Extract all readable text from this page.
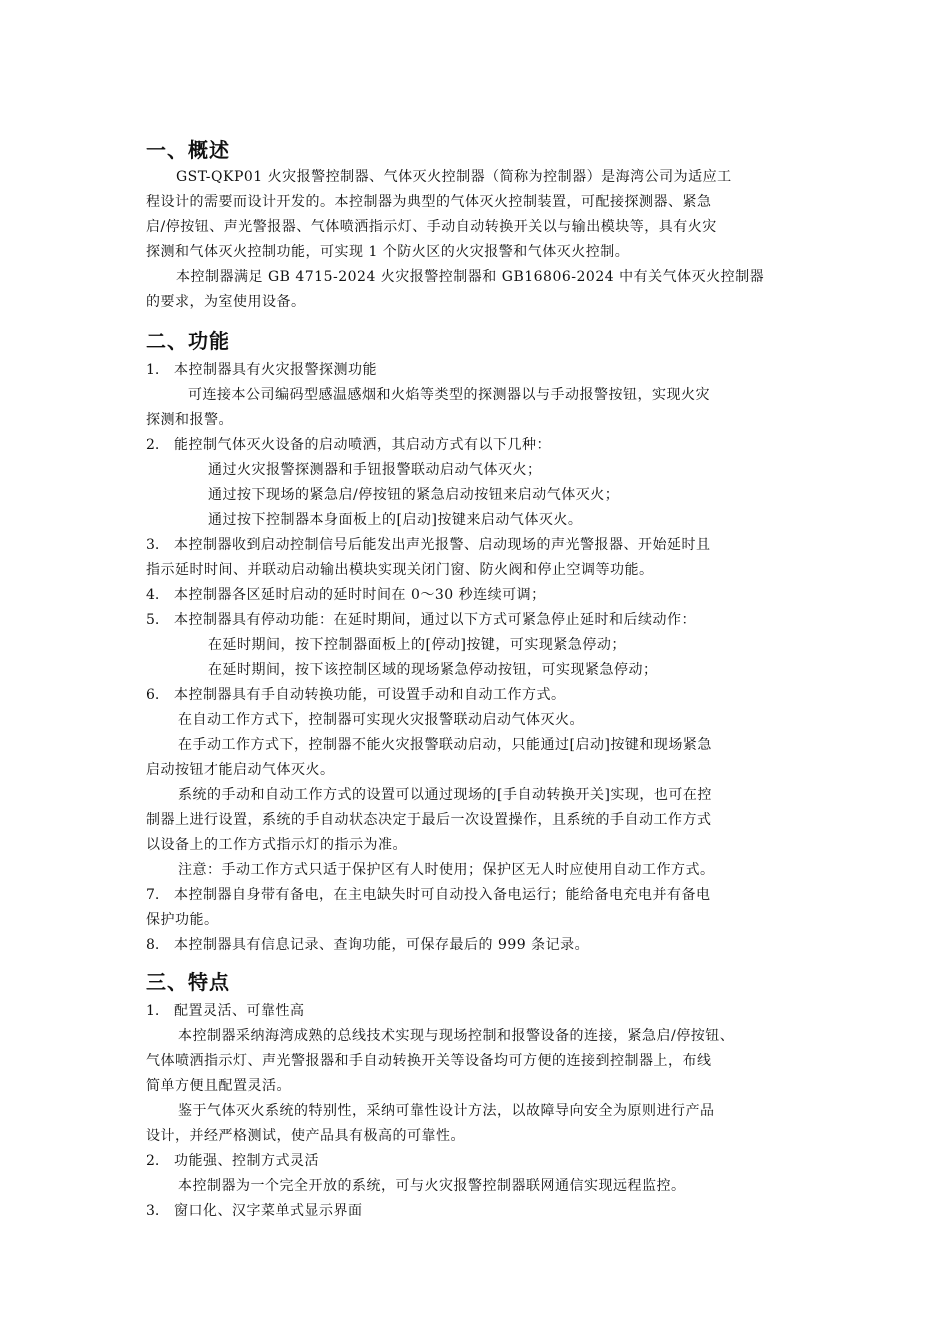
一、概述
GST-QKP01 火灾报警控制器、气体灭火控制器（简称为控制器）是海湾公司为适应工
程设计的需要而设计开发的。本控制器为典型的气体灭火控制装置，可配接探测器、紧急
启/停按钮、声光警报器、气体喷洒指示灯、手动自动转换开关以与输出模块等，具有火灾
探测和气体灭火控制功能，可实现 1 个防火区的火灾报警和气体灭火控制。
本控制器满足 GB 4715-2024 火灾报警控制器和 GB16806-2024 中有关气体灭火控制器
的要求，为室使用设备。
二、功能
1. 本控制器具有火灾报警探测功能
可连接本公司编码型感温感烟和火焰等类型的探测器以与手动报警按钮，实现火灾
探测和报警。
2. 能控制气体灭火设备的启动喷洒，其启动方式有以下几种：
通过火灾报警探测器和手钮报警联动启动气体灭火；
通过按下现场的紧急启/停按钮的紧急启动按钮来启动气体灭火；
通过按下控制器本身面板上的[启动]按键来启动气体灭火。
3. 本控制器收到启动控制信号后能发出声光报警、启动现场的声光警报器、开始延时且
指示延时时间、并联动启动输出模块实现关闭门窗、防火阀和停止空调等功能。
4. 本控制器各区延时启动的延时时间在 0～30 秒连续可调；
5. 本控制器具有停动功能：在延时期间，通过以下方式可紧急停止延时和后续动作：
在延时期间，按下控制器面板上的[停动]按键，可实现紧急停动；
在延时期间，按下该控制区域的现场紧急停动按钮，可实现紧急停动；
6. 本控制器具有手自动转换功能，可设置手动和自动工作方式。
在自动工作方式下，控制器可实现火灾报警联动启动气体灭火。
在手动工作方式下，控制器不能火灾报警联动启动，只能通过[启动]按键和现场紧急
启动按钮才能启动气体灭火。
系统的手动和自动工作方式的设置可以通过现场的[手自动转换开关]实现，也可在控
制器上进行设置，系统的手自动状态决定于最后一次设置操作，且系统的手自动工作方式
以设备上的工作方式指示灯的指示为准。
注意：手动工作方式只适于保护区有人时使用；保护区无人时应使用自动工作方式。
7. 本控制器自身带有备电，在主电缺失时可自动投入备电运行；能给备电充电并有备电
保护功能。
8. 本控制器具有信息记录、查询功能，可保存最后的 999 条记录。
三、特点
1. 配置灵活、可靠性高
本控制器采纳海湾成熟的总线技术实现与现场控制和报警设备的连接，紧急启/停按钮、
气体喷洒指示灯、声光警报器和手自动转换开关等设备均可方便的连接到控制器上，布线
简单方便且配置灵活。
鉴于气体灭火系统的特别性，采纳可靠性设计方法，以故障导向安全为原则进行产品
设计，并经严格测试，使产品具有极高的可靠性。
2. 功能强、控制方式灵活
本控制器为一个完全开放的系统，可与火灾报警控制器联网通信实现远程监控。
3. 窗口化、汉字菜单式显示界面
